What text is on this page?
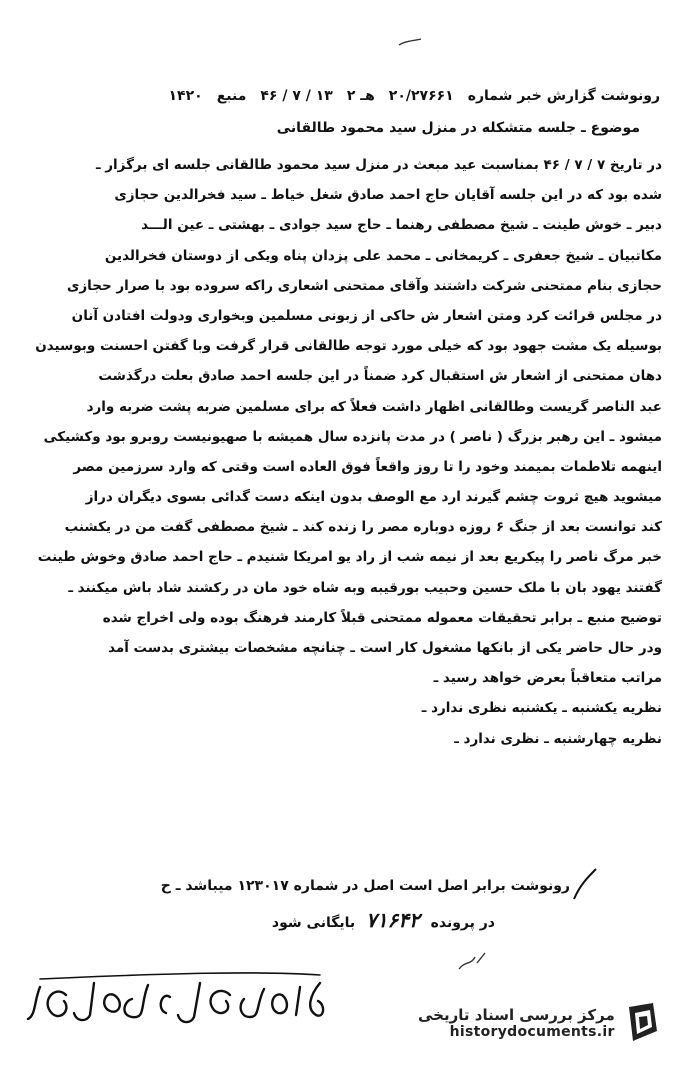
رونوشت گزارش خبر شماره
۲۰/۲۷۶۶۱
هـ ۲
۱۳ / ۷ / ۴۶
منبع
۱۴۲۰
موضوع ـ جلسه متشکله در منزل سید محمود طالقانی
در تاریخ ۷ / ۷ / ۴۶ بمناسبت عید مبعث در منزل سید محمود طالقانی جلسه ای برگزار ـ
شده بود که در این جلسه آقایان حاج احمد صادق شغل خیاط ـ سید فخرالدین حجازی
دبیر ـ خوش طینت ـ شیخ مصطفی رهنما ـ حاج سید جوادی ـ بهشتی ـ عین الـــد
مکاتبیان ـ شیخ جعفری ـ کریمخانی ـ محمد علی پزدان پناه ویکی از دوستان فخرالدین
حجازی بنام ممتحنی شرکت داشتند وآقای ممتحنی اشعاری راکه سروده بود با صرار حجازی
در مجلس قرائت کرد ومتن اشعار ش حاکی از زبونی مسلمین وبخواری ودولت افتادن آنان
بوسیله یک مشت جهود بود که خیلی مورد توجه طالقانی قرار گرفت وبا گفتن احسنت وبوسیدن
دهان ممتحنی از اشعار ش استقبال کرد ضمناً در این جلسه احمد صادق بعلت درگذشت
عبد الناصر گریست وطالقانی اظهار داشت فعلاً که برای مسلمین ضربه پشت ضربه وارد
میشود ـ این رهبر بزرگ ( ناصر ) در مدت پانزده سال همیشه با صهیونیست روبرو بود وکشیکی
اینهمه تلاطمات بمیمند وخود را تا روز واقعاً فوق العاده است وقتی که وارد سرزمین مصر
میشوید هیچ ثروت چشم گیرند ارد مع الوصف بدون اینکه دست گدائی بسوی دیگران دراز
کند توانست بعد از جنگ ۶ روزه دوباره مصر را زنده کند ـ شیخ مصطفی گفت من در یکشنب
خبر مرگ ناصر را پیکریع بعد از نیمه شب از راد یو امریکا شنیدم ـ حاج احمد صادق وخوش طینت
گفتند یهود بان با ملک حسین وحبیب بورقیبه وبه شاه خود مان در رکشند شاد باش میکنند ـ
توضیح منبع ـ برابر تحقیقات معموله ممتحنی قبلاً کارمند فرهنگ بوده ولی اخراج شده
ودر حال حاضر یکی از بانکها مشغول کار است ـ چنانچه مشخصات بیشتری بدست آمد
مراتب متعاقباً بعرض خواهد رسید ـ
نظریه یکشنبه ـ یکشنبه نظری ندارد ـ
نظریه چهارشنبه ـ نظری ندارد ـ
رونوشت برابر اصل است اصل در شماره ۱۲۳۰۱۷ میباشد ـ ح
در پرونده ۷۱۶۴۲ بایگانی شود
مرکز بررسی اسناد تاریخی
historydocuments.ir
